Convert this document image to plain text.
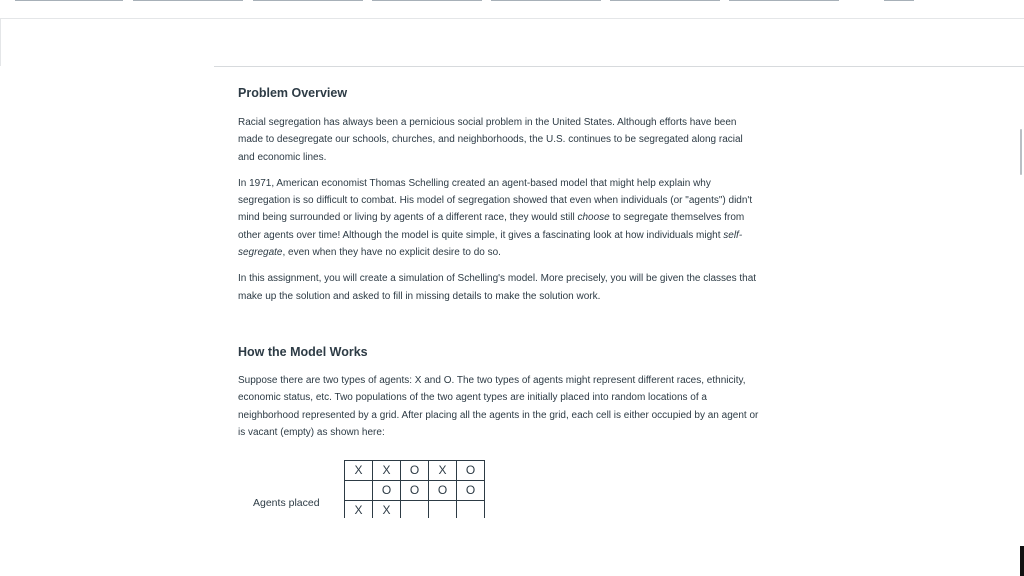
Problem Overview

Racial segregation has always been a pernicious social problem in the United States. Although efforts have been made to desegregate our schools, churches, and neighborhoods, the U.S. continues to be segregated along racial and economic lines.

In 1971, American economist Thomas Schelling created an agent-based model that might help explain why segregation is so difficult to combat. His model of segregation showed that even when individuals (or "agents") didn't mind being surrounded or living by agents of a different race, they would still choose to segregate themselves from other agents over time! Although the model is quite simple, it gives a fascinating look at how individuals might self-segregate, even when they have no explicit desire to do so.

In this assignment, you will create a simulation of Schelling's model. More precisely, you will be given the classes that make up the solution and asked to fill in missing details to make the solution work.

How the Model Works

Suppose there are two types of agents: X and O. The two types of agents might represent different races, ethnicity, economic status, etc. Two populations of the two agent types are initially placed into random locations of a neighborhood represented by a grid. After placing all the agents in the grid, each cell is either occupied by an agent or is vacant (empty) as shown here:

Agents placed
X	X	O	X	O
	O	O	O	O
X	X			
